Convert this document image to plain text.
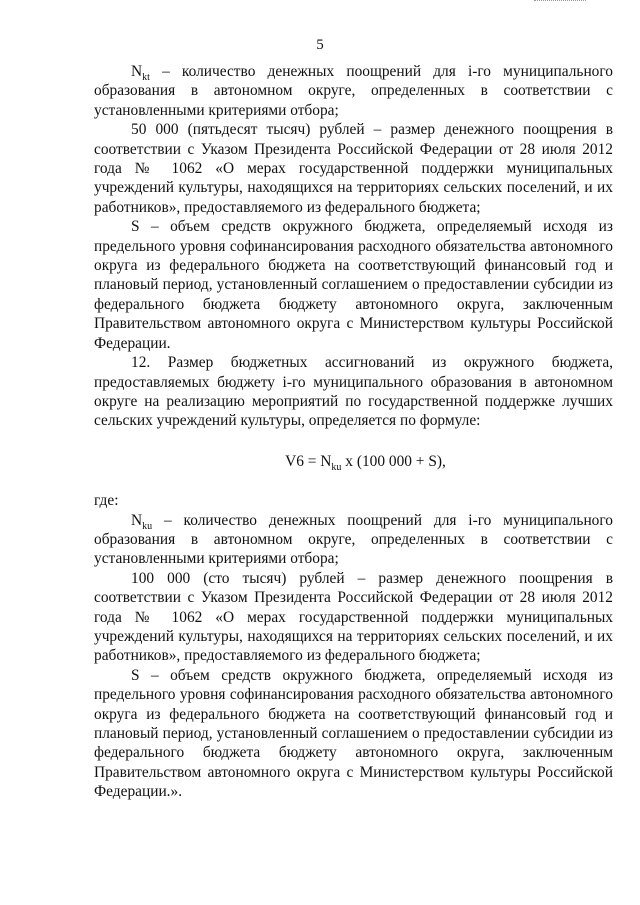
5

$N_{kt}$ – количество денежных поощрений для i-го муниципального образования в автономном округе, определенных в соответствии с установленными критериями отбора;

50 000 (пятьдесят тысяч) рублей – размер денежного поощрения в соответствии с Указом Президента Российской Федерации от 28 июля 2012 года № 1062 «О мерах государственной поддержки муниципальных учреждений культуры, находящихся на территориях сельских поселений, и их работников», предоставляемого из федерального бюджета;

S – объем средств окружного бюджета, определяемый исходя из предельного уровня софинансирования расходного обязательства автономного округа из федерального бюджета на соответствующий финансовый год и плановый период, установленный соглашением о предоставлении субсидии из федерального бюджета бюджету автономного округа, заключенным Правительством автономного округа с Министерством культуры Российской Федерации.

12. Размер бюджетных ассигнований из окружного бюджета, предоставляемых бюджету i-го муниципального образования в автономном округе на реализацию мероприятий по государственной поддержке лучших сельских учреждений культуры, определяется по формуле:

$V6 = N_{ku}$ x (100 000 + S),

где:

$N_{ku}$ – количество денежных поощрений для i-го муниципального образования в автономном округе, определенных в соответствии с установленными критериями отбора;

100 000 (сто тысяч) рублей – размер денежного поощрения в соответствии с Указом Президента Российской Федерации от 28 июля 2012 года № 1062 «О мерах государственной поддержки муниципальных учреждений культуры, находящихся на территориях сельских поселений, и их работников», предоставляемого из федерального бюджета;

S – объем средств окружного бюджета, определяемый исходя из предельного уровня софинансирования расходного обязательства автономного округа из федерального бюджета на соответствующий финансовый год и плановый период, установленный соглашением о предоставлении субсидии из федерального бюджета бюджету автономного округа, заключенным Правительством автономного округа с Министерством культуры Российской Федерации.».
